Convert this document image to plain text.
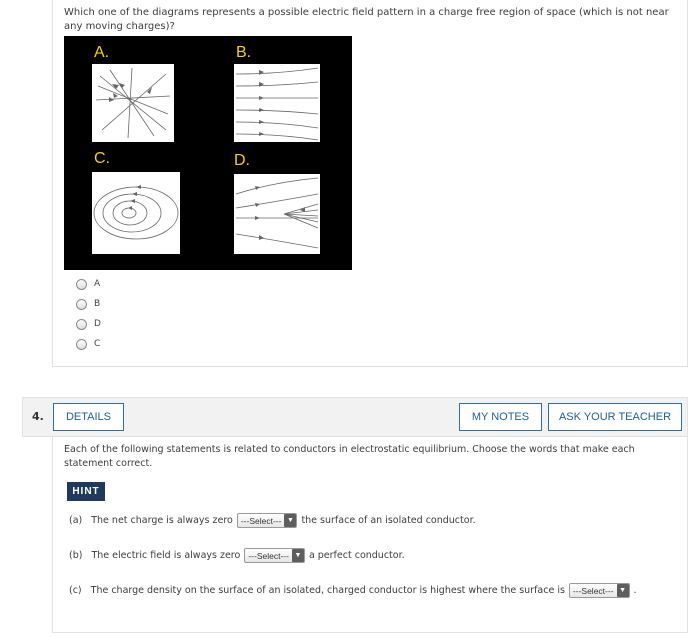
Which one of the diagrams represents a possible electric field pattern in a charge free region of space (which is not near any moving charges)?
A.	B.
C.	D.
A
B
D
C
4.	DETAILS	MY NOTES	ASK YOUR TEACHER
Each of the following statements is related to conductors in electrostatic equilibrium. Choose the words that make each statement correct.
HINT
(a) The net charge is always zero ---Select--- ▼ the surface of an isolated conductor.
(b) The electric field is always zero ---Select--- ▼ a perfect conductor.
(c) The charge density on the surface of an isolated, charged conductor is highest where the surface is ---Select--- ▼ .
